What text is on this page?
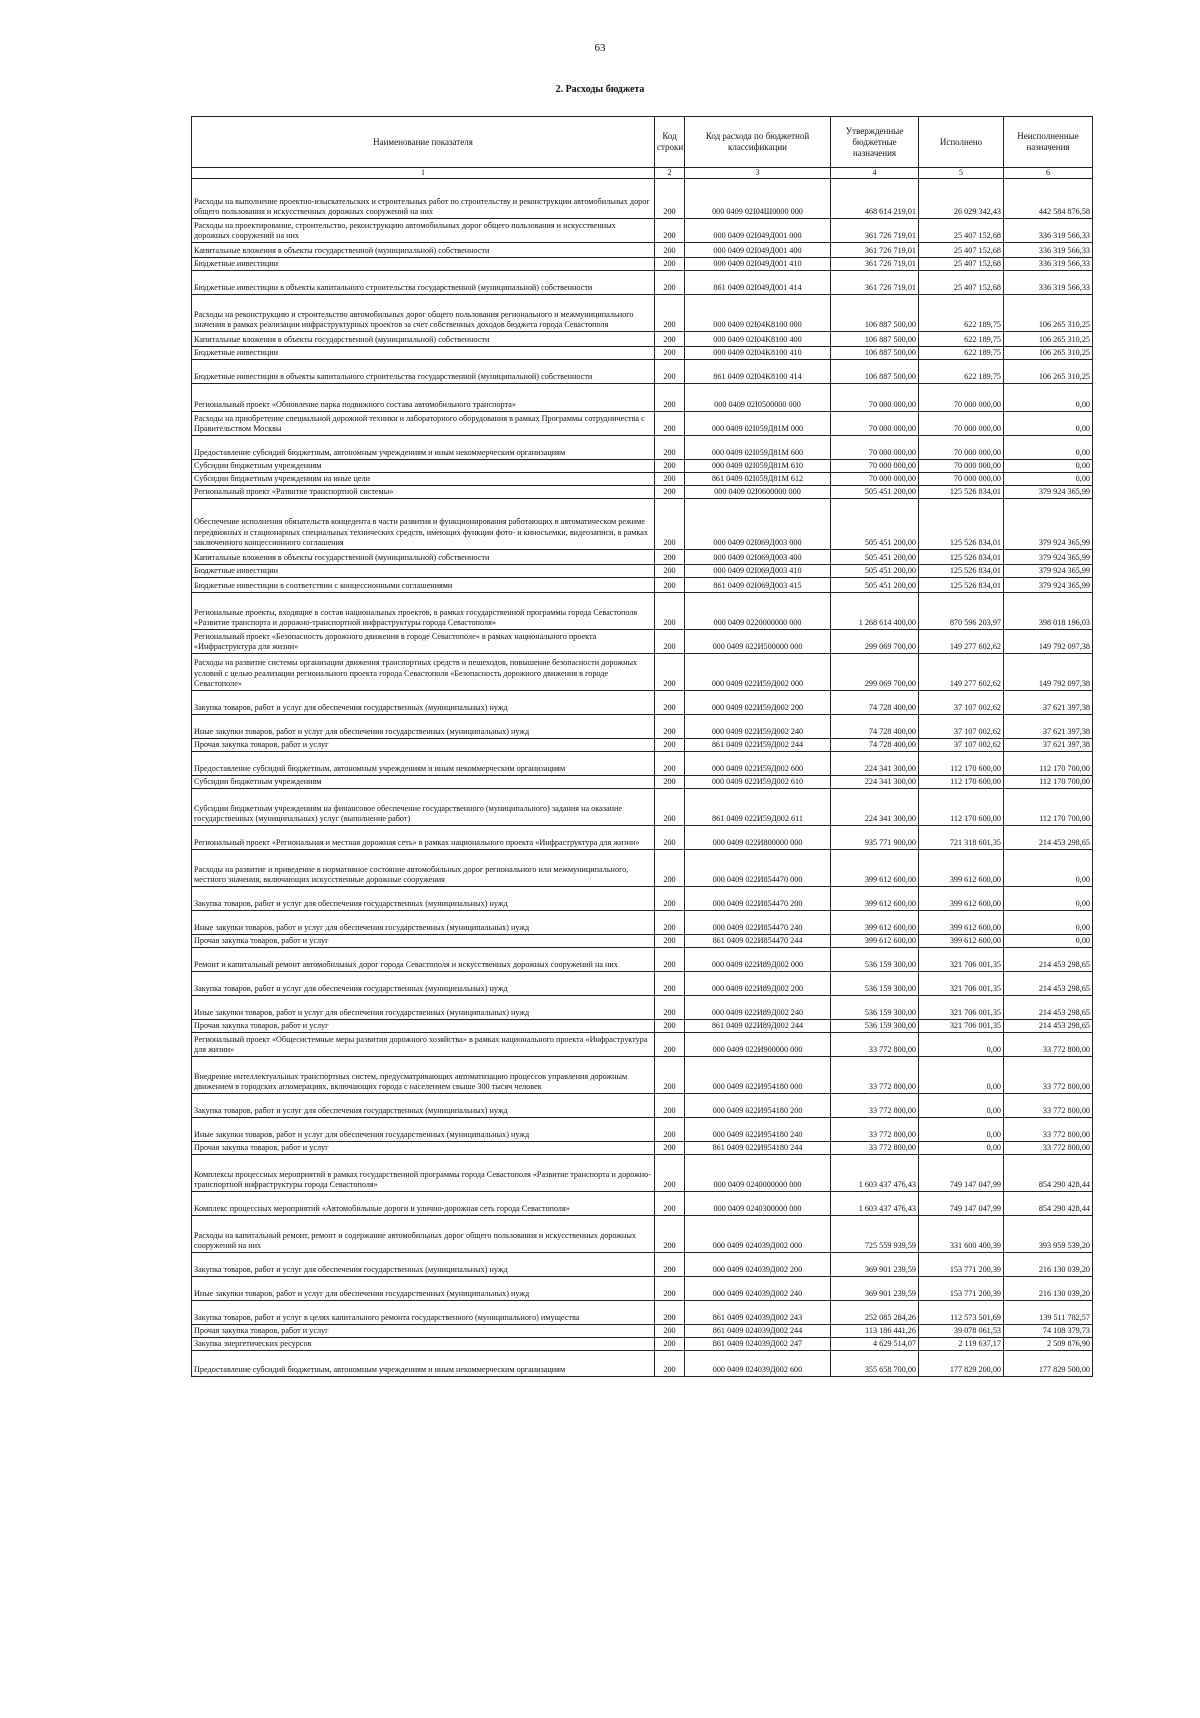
63
2. Расходы бюджета
Наименование показателя	Код строки	Код расхода по бюджетной классификации	Утвержденные бюджетные назначения	Исполнено	Неисполненные назначения
1	2	3	4	5	6
Расходы на выполнение проектно-изыскательских и строительных работ по строительству и реконструкции автомобильных дорог общего пользования и искусственных дорожных сооружений на них	200	000 0409 02I04Ш0000 000	468 614 219,01	26 029 342,43	442 584 876,58
Расходы на проектирование, строительство, реконструкцию автомобильных дорог общего пользования и искусственных дорожных сооружений на них	200	000 0409 02I049Д001 000	361 726 719,01	25 407 152,68	336 319 566,33
Капитальные вложения в объекты государственной (муниципальной) собственности	200	000 0409 02I049Д001 400	361 726 719,01	25 407 152,68	336 319 566,33
Бюджетные инвестиции	200	000 0409 02I049Д001 410	361 726 719,01	25 407 152,68	336 319 566,33
Бюджетные инвестиции в объекты капитального строительства государственной (муниципальной) собственности	200	861 0409 02I049Д001 414	361 726 719,01	25 407 152,68	336 319 566,33
Расходы на реконструкцию и строительство автомобильных дорог общего пользования регионального и межмуниципального значения в рамках реализации инфраструктурных проектов за счет собственных доходов бюджета города Севастополя	200	000 0409 02I04K8100 000	106 887 500,00	622 189,75	106 265 310,25
Капитальные вложения в объекты государственной (муниципальной) собственности	200	000 0409 02I04K8100 400	106 887 500,00	622 189,75	106 265 310,25
Бюджетные инвестиции	200	000 0409 02I04K8100 410	106 887 500,00	622 189,75	106 265 310,25
Бюджетные инвестиции в объекты капитального строительства государственной (муниципальной) собственности	200	861 0409 02I04K8100 414	106 887 500,00	622 189,75	106 265 310,25
Региональный проект «Обновление парка подвижного состава автомобильного транспорта»	200	000 0409 02I0500000 000	70 000 000,00	70 000 000,00	0,00
Расходы на приобретение специальной дорожной техники и лабораторного оборудования в рамках Программы сотрудничества с Правительством Москвы	200	000 0409 02I059Д81М 000	70 000 000,00	70 000 000,00	0,00
Предоставление субсидий бюджетным, автономным учреждениям и иным некоммерческим организациям	200	000 0409 02I059Д81М 600	70 000 000,00	70 000 000,00	0,00
Субсидии бюджетным учреждениям	200	000 0409 02I059Д81М 610	70 000 000,00	70 000 000,00	0,00
Субсидии бюджетным учреждениям на иные цели	200	861 0409 02I059Д81М 612	70 000 000,00	70 000 000,00	0,00
Региональный проект «Развитие транспортной системы»	200	000 0409 02I0600000 000	505 451 200,00	125 526 834,01	379 924 365,99
Обеспечение исполнения обязательств концедента в части развития и функционирования работающих в автоматическом режиме передвижных и стационарных специальных технических средств, имеющих функции фото- и киносъемки, видеозаписи, в рамках заключенного концессионного соглашения	200	000 0409 02I069Д003 000	505 451 200,00	125 526 834,01	379 924 365,99
Капитальные вложения в объекты государственной (муниципальной) собственности	200	000 0409 02I069Д003 400	505 451 200,00	125 526 834,01	379 924 365,99
Бюджетные инвестиции	200	000 0409 02I069Д003 410	505 451 200,00	125 526 834,01	379 924 365,99
Бюджетные инвестиции в соответствии с концессионными соглашениями	200	861 0409 02I069Д003 415	505 451 200,00	125 526 834,01	379 924 365,99
Региональные проекты, входящие в состав национальных проектов, в рамках государственной программы города Севастополя «Развитие транспорта и дорожно-транспортной инфраструктуры города Севастополя»	200	000 0409 0220000000 000	1 268 614 400,00	870 596 203,97	398 018 196,03
Региональный проект «Безопасность дорожного движения в городе Севастополе» в рамках национального проекта «Инфраструктура для жизни»	200	000 0409 022И500000 000	299 069 700,00	149 277 602,62	149 792 097,38
Расходы на развитие системы организации движения транспортных средств и пешеходов, повышение безопасности дорожных условий с целью реализации регионального проекта города Севастополя «Безопасность дорожного движения в городе Севастополе»	200	000 0409 022И59Д002 000	299 069 700,00	149 277 602,62	149 792 097,38
Закупка товаров, работ и услуг для обеспечения государственных (муниципальных) нужд	200	000 0409 022И59Д002 200	74 728 400,00	37 107 002,62	37 621 397,38
Иные закупки товаров, работ и услуг для обеспечения государственных (муниципальных) нужд	200	000 0409 022И59Д002 240	74 728 400,00	37 107 002,62	37 621 397,38
Прочая закупка товаров, работ и услуг	200	861 0409 022И59Д002 244	74 728 400,00	37 107 002,62	37 621 397,38
Предоставление субсидий бюджетным, автономным учреждениям и иным некоммерческим организациям	200	000 0409 022И59Д002 600	224 341 300,00	112 170 600,00	112 170 700,00
Субсидии бюджетным учреждениям	200	000 0409 022И59Д002 610	224 341 300,00	112 170 600,00	112 170 700,00
Субсидии бюджетным учреждениям на финансовое обеспечение государственного (муниципального) задания на оказание государственных (муниципальных) услуг (выполнение работ)	200	861 0409 022И59Д002 611	224 341 300,00	112 170 600,00	112 170 700,00
Региональный проект «Региональная и местная дорожная сеть» в рамках национального проекта «Инфраструктура для жизни»	200	000 0409 022И800000 000	935 771 900,00	721 318 601,35	214 453 298,65
Расходы на развитие и приведение в нормативное состояние автомобильных дорог регионального или межмуниципального, местного значения, включающих искусственные дорожные сооружения	200	000 0409 022И854470 000	399 612 600,00	399 612 600,00	0,00
Закупка товаров, работ и услуг для обеспечения государственных (муниципальных) нужд	200	000 0409 022И854470 200	399 612 600,00	399 612 600,00	0,00
Иные закупки товаров, работ и услуг для обеспечения государственных (муниципальных) нужд	200	000 0409 022И854470 240	399 612 600,00	399 612 600,00	0,00
Прочая закупка товаров, работ и услуг	200	861 0409 022И854470 244	399 612 600,00	399 612 600,00	0,00
Ремонт и капитальный ремонт автомобильных дорог города Севастополя и искусственных дорожных сооружений на них	200	000 0409 022И89Д002 000	536 159 300,00	321 706 001,35	214 453 298,65
Закупка товаров, работ и услуг для обеспечения государственных (муниципальных) нужд	200	000 0409 022И89Д002 200	536 159 300,00	321 706 001,35	214 453 298,65
Иные закупки товаров, работ и услуг для обеспечения государственных (муниципальных) нужд	200	000 0409 022И89Д002 240	536 159 300,00	321 706 001,35	214 453 298,65
Прочая закупка товаров, работ и услуг	200	861 0409 022И89Д002 244	536 159 300,00	321 706 001,35	214 453 298,65
Региональный проект «Общесистемные меры развития дорожного хозяйства» в рамках национального проекта «Инфраструктура для жизни»	200	000 0409 022И900000 000	33 772 800,00	0,00	33 772 800,00
Внедрение интеллектуальных транспортных систем, предусматривающих автоматизацию процессов управления дорожным движением в городских агломерациях, включающих города с населением свыше 300 тысяч человек	200	000 0409 022И954180 000	33 772 800,00	0,00	33 772 800,00
Закупка товаров, работ и услуг для обеспечения государственных (муниципальных) нужд	200	000 0409 022И954180 200	33 772 800,00	0,00	33 772 800,00
Иные закупки товаров, работ и услуг для обеспечения государственных (муниципальных) нужд	200	000 0409 022И954180 240	33 772 800,00	0,00	33 772 800,00
Прочая закупка товаров, работ и услуг	200	861 0409 022И954180 244	33 772 800,00	0,00	33 772 800,00
Комплексы процессных мероприятий в рамках государственной программы города Севастополя «Развитие транспорта и дорожно-транспортной инфраструктуры города Севастополя»	200	000 0409 0240000000 000	1 603 437 476,43	749 147 047,99	854 290 428,44
Комплекс процессных мероприятий «Автомобильные дороги и улично-дорожная сеть города Севастополя»	200	000 0409 0240300000 000	1 603 437 476,43	749 147 047,99	854 290 428,44
Расходы на капитальный ремонт, ремонт и содержание автомобильных дорог общего пользования и искусственных дорожных сооружений на них	200	000 0409 024039Д002 000	725 559 939,59	331 600 400,39	393 959 539,20
Закупка товаров, работ и услуг для обеспечения государственных (муниципальных) нужд	200	000 0409 024039Д002 200	369 901 239,59	153 771 200,39	216 130 039,20
Иные закупки товаров, работ и услуг для обеспечения государственных (муниципальных) нужд	200	000 0409 024039Д002 240	369 901 239,59	153 771 200,39	216 130 039,20
Закупка товаров, работ и услуг в целях капитального ремонта государственного (муниципального) имущества	200	861 0409 024039Д002 243	252 085 284,26	112 573 501,69	139 511 782,57
Прочая закупка товаров, работ и услуг	200	861 0409 024039Д002 244	113 186 441,26	39 078 061,53	74 108 379,73
Закупка энергетических ресурсов	200	861 0409 024039Д002 247	4 629 514,07	2 119 637,17	2 509 876,90
Предоставление субсидий бюджетным, автономным учреждениям и иным некоммерческим организациям	200	000 0409 024039Д002 600	355 658 700,00	177 829 200,00	177 829 500,00
